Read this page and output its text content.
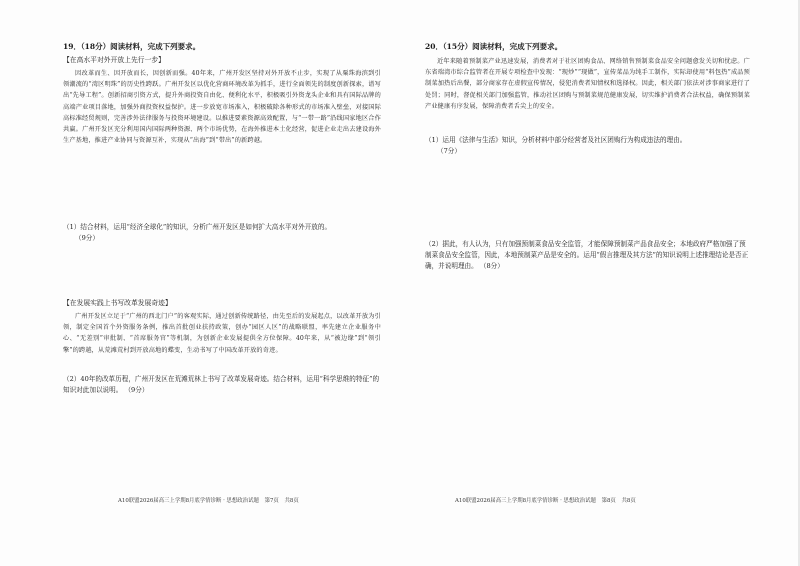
19．（18分）阅读材料，完成下列要求。
【在高水平对外开放上先行一步】
因改革而生、因开放而长，因创新而强。40年来，广州开发区坚持对外开放不止步，实现了从粟珠海滨到引领潮流的“湾区明珠”的历史性跨跃。广州开发区以优化营商环境改革为抓手，进行全面领先的制度创新探索，谱写出“先导工程”。创新招商引资方式，提升外商投资自由化、便利化水平，积极吸引外资龙头企业和具有国际品牌的高端产业项目落地，加强外商投资权益保护。进一步放宽市场准入，积极破除各种形式的市场准入壁垒，对接国际高标准经贸规则，完善涉外法律服务与投资环境建设。以推进要素资源高效配置，与“一带一路”沿线国家地区合作共赢。广州开发区充分利用国内国际两种资源、两个市场优势，在海外推进本土化经营，促进企业走出去建设海外生产基地，推进产业协同与资源互补，实现从“出海”到“带出”的新跨越。
（1）结合材料，运用“经济全球化”的知识，分析广州开发区是如何扩大高水平对外开放的。
（9分）
【在发展实践上书写改革发展奇迹】
广州开发区立足于“广州的西北门户”的客观实际，通过创新传统路径，由先至后的发展起点，以改革开放为引领，制定全国首个外资服务条例，推出首批创业扶持政策，创办“园区人区”的战略联盟，率先建立企业服务中心、“无差别”审批制、“首席服务官”等机制，为创新企业发展提供全方位保障。40年来，从“被边缘”到“领引擎”的跨越，从荒滩荒村到开放高地的蝶变，生动书写了中国改革开放的奇迹。
（2）40年的改革历程，广州开发区在荒滩荒林上书写了改革发展奇迹。结合材料，运用“科学思维的特征”的知识对此加以说明。 （9分）
A10联盟2026届高三上学期8月底学情诊断 · 思想政治试题 第7页 共8页
20．（15分）阅读材料，完成下列要求。
近年来随着预制菜产业迅速发展，消费者对于社区团购食品、网络销售预制菜食品安全问题愈发关切和忧虑。广东省瑞湾市综合监管者在开展专项检查中发现：“现炒”“现做”，宣传菜品为纯手工制作，实际却使用“料包热”成品预制菜加热后出餐，部分商家存在虚假宣传情况，侵犯消费者知情权和选择权。因此，相关部门依法对涉事商家进行了处罚；同时，督促相关部门加强监管，推动社区团购与预制菜规范健康发展，切实维护消费者合法权益，确保预制菜产业健康有序发展，保障消费者舌尖上的安全。
（1）运用《法律与生活》知识，分析材料中部分经营者及社区团购行为构成违法的理由。
（7分）
（2）据此，有人认为，只有加强预制菜食品安全监管，才能保障预制菜产品食品安全；本地政府严格加强了预制菜食品安全监管，因此，本地预制菜产品是安全的。运用“假言推理及其方法”的知识说明上述推理结论是否正确，并说明理由。 （8分）
A10联盟2026届高三上学期8月底学情诊断 · 思想政治试题 第8页 共8页
